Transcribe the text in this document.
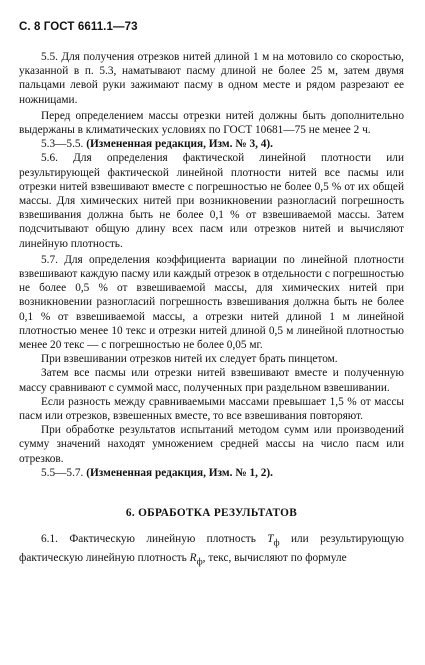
С. 8 ГОСТ 6611.1—73

5.5. Для получения отрезков нитей длиной 1 м на мотовило со скоростью, указанной в п. 5.3, наматывают пасму длиной не более 25 м, затем двумя пальцами левой руки зажимают пасму в одном месте и рядом разрезают ее ножницами.

Перед определением массы отрезки нитей должны быть дополнительно выдержаны в климатических условиях по ГОСТ 10681—75 не менее 2 ч.

5.3—5.5. (Измененная редакция, Изм. № 3, 4).

5.6. Для определения фактической линейной плотности или результирующей фактической линейной плотности нитей все пасмы или отрезки нитей взвешивают вместе с погрешностью не более 0,5 % от их общей массы. Для химических нитей при возникновении разногласий погрешность взвешивания должна быть не более 0,1 % от взвешиваемой массы. Затем подсчитывают общую длину всех пасм или отрезков нитей и вычисляют линейную плотность.

5.7. Для определения коэффициента вариации по линейной плотности взвешивают каждую пасму или каждый отрезок в отдельности с погрешностью не более 0,5 % от взвешиваемой массы, для химических нитей при возникновении разногласий погрешность взвешивания должна быть не более 0,1 % от взвешиваемой массы, а отрезки нитей длиной 1 м линейной плотностью менее 10 текс и отрезки нитей длиной 0,5 м линейной плотностью менее 20 текс — с погрешностью не более 0,05 мг.

При взвешивании отрезков нитей их следует брать пинцетом.

Затем все пасмы или отрезки нитей взвешивают вместе и полученную массу сравнивают с суммой масс, полученных при раздельном взвешивании.

Если разность между сравниваемыми массами превышает 1,5 % от массы пасм или отрезков, взвешенных вместе, то все взвешивания повторяют.

При обработке результатов испытаний методом сумм или производений сумму значений находят умножением средней массы на число пасм или отрезков.

5.5—5.7. (Измененная редакция, Изм. № 1, 2).

6. ОБРАБОТКА РЕЗУЛЬТАТОВ

6.1. Фактическую линейную плотность $T_ф$ или результирующую фактическую линейную плотность $R_ф$, текс, вычисляют по формуле
